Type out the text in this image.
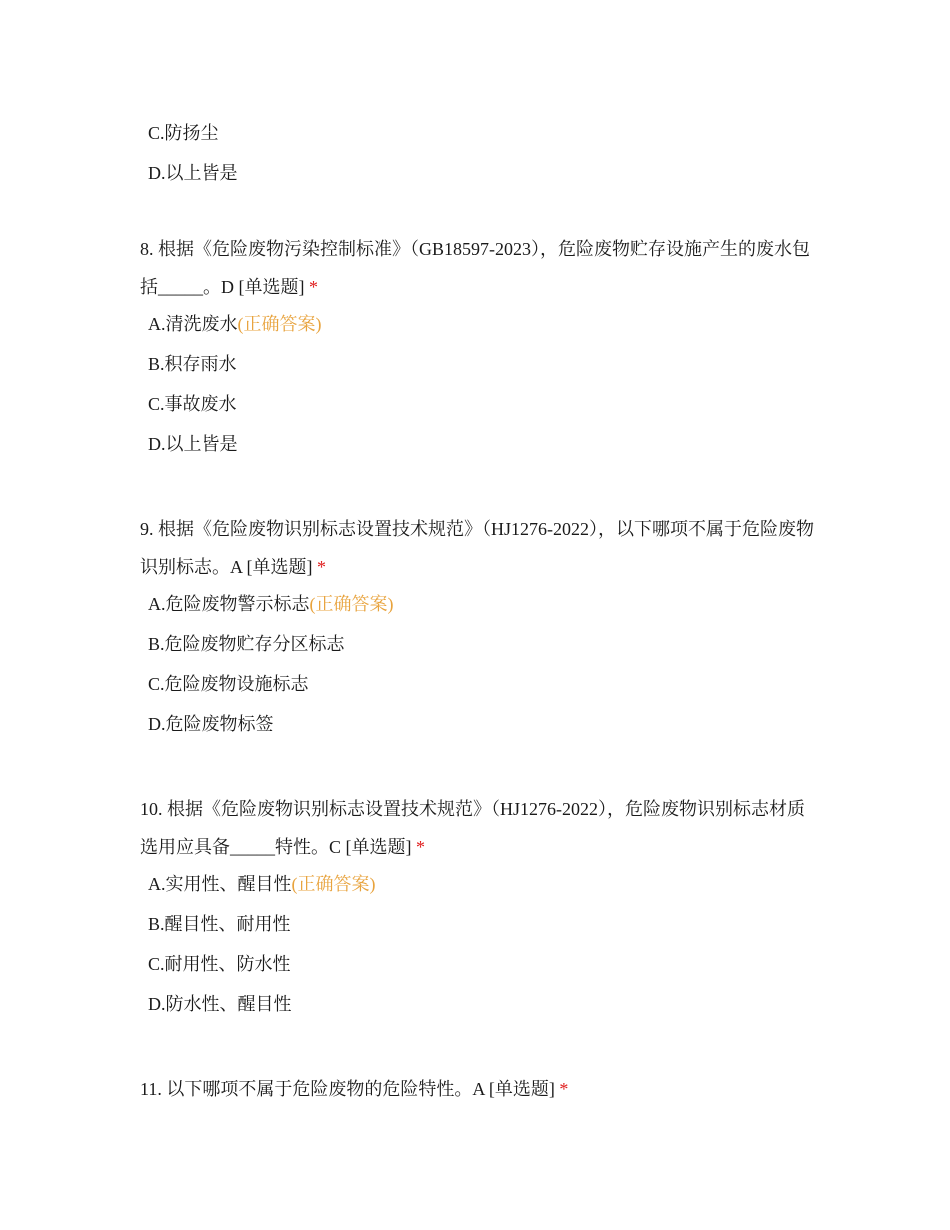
C.防扬尘
D.以上皆是

8. 根据《危险废物污染控制标准》（GB18597-2023），危险废物贮存设施产生的废水包括_____。D [单选题] *

A.清洗废水(正确答案)
B.积存雨水
C.事故废水
D.以上皆是

9. 根据《危险废物识别标志设置技术规范》（HJ1276-2022），以下哪项不属于危险废物识别标志。A [单选题] *

A.危险废物警示标志(正确答案)
B.危险废物贮存分区标志
C.危险废物设施标志
D.危险废物标签

10. 根据《危险废物识别标志设置技术规范》（HJ1276-2022），危险废物识别标志材质选用应具备_____特性。C [单选题] *

A.实用性、醒目性(正确答案)
B.醒目性、耐用性
C.耐用性、防水性
D.防水性、醒目性

11. 以下哪项不属于危险废物的危险特性。A [单选题] *
